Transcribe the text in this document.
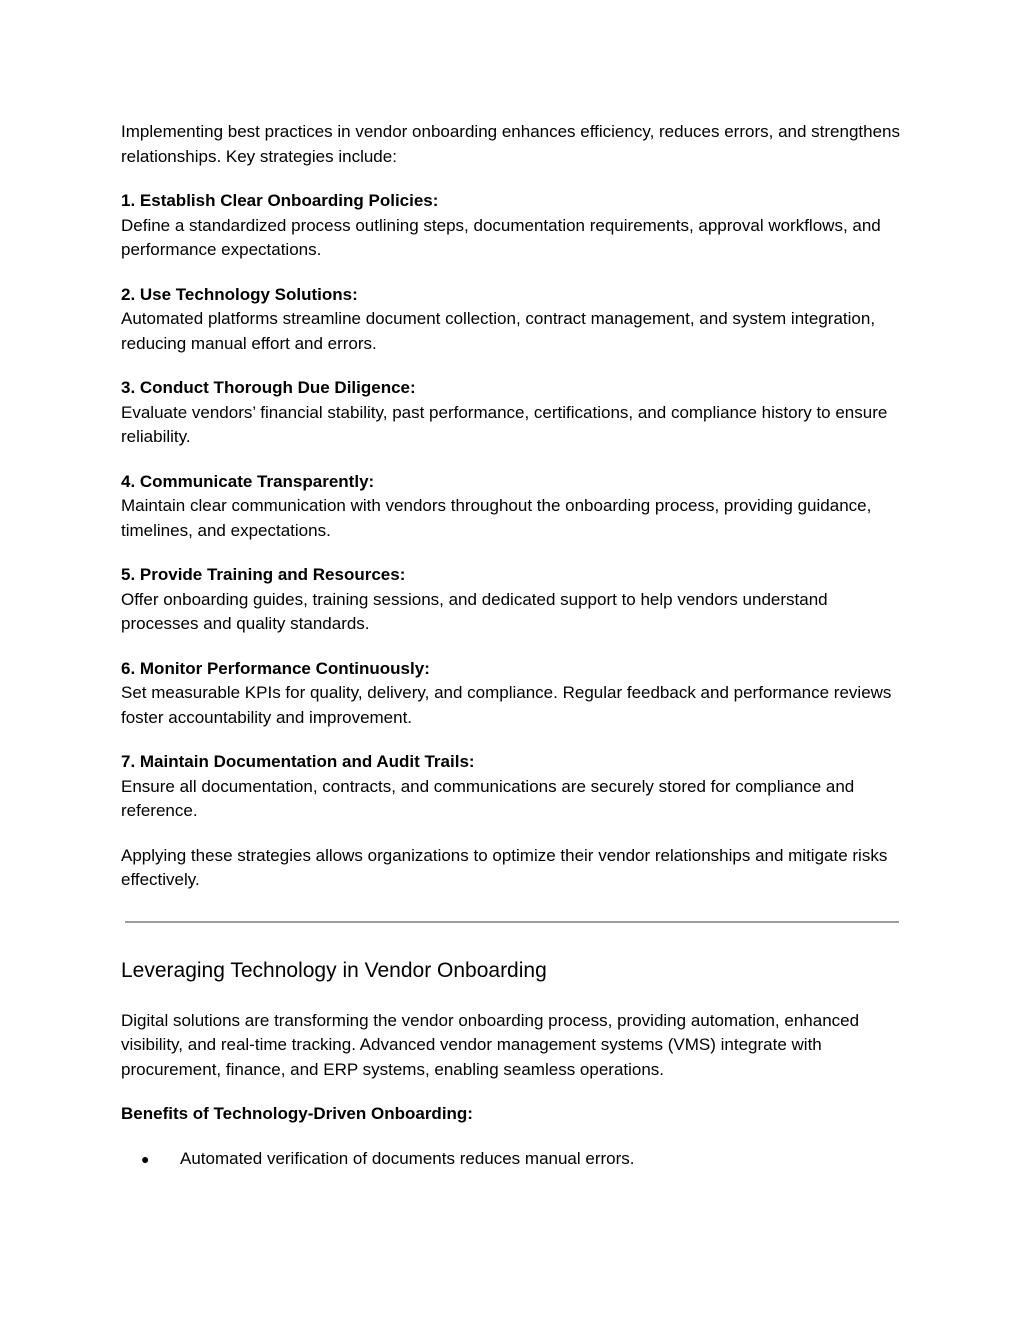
Implementing best practices in vendor onboarding enhances efficiency, reduces errors, and strengthens relationships. Key strategies include:

1. Establish Clear Onboarding Policies:
Define a standardized process outlining steps, documentation requirements, approval workflows, and performance expectations.
2. Use Technology Solutions:
Automated platforms streamline document collection, contract management, and system integration, reducing manual effort and errors.
3. Conduct Thorough Due Diligence:
Evaluate vendors’ financial stability, past performance, certifications, and compliance history to ensure reliability.
4. Communicate Transparently:
Maintain clear communication with vendors throughout the onboarding process, providing guidance, timelines, and expectations.
5. Provide Training and Resources:
Offer onboarding guides, training sessions, and dedicated support to help vendors understand processes and quality standards.
6. Monitor Performance Continuously:
Set measurable KPIs for quality, delivery, and compliance. Regular feedback and performance reviews foster accountability and improvement.
7. Maintain Documentation and Audit Trails:
Ensure all documentation, contracts, and communications are securely stored for compliance and reference.

Applying these strategies allows organizations to optimize their vendor relationships and mitigate risks effectively.

Leveraging Technology in Vendor Onboarding

Digital solutions are transforming the vendor onboarding process, providing automation, enhanced visibility, and real-time tracking. Advanced vendor management systems (VMS) integrate with procurement, finance, and ERP systems, enabling seamless operations.

Benefits of Technology-Driven Onboarding:

● Automated verification of documents reduces manual errors.
